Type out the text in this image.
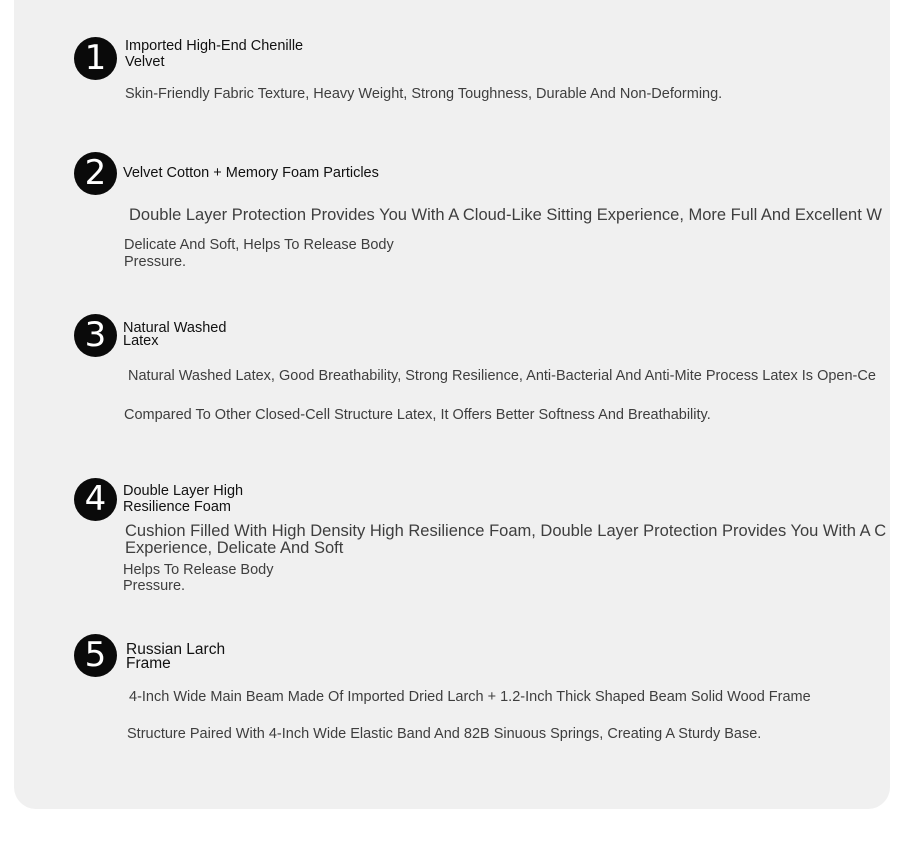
1	Imported High-End Chenille
Velvet
Skin-Friendly Fabric Texture, Heavy Weight, Strong Toughness, Durable And Non-Deforming.
2	Velvet Cotton + Memory Foam Particles
Double Layer Protection Provides You With A Cloud-Like Sitting Experience, More Full And Excellent W
Delicate And Soft, Helps To Release Body
Pressure.
3	Natural Washed
Latex
Natural Washed Latex, Good Breathability, Strong Resilience, Anti-Bacterial And Anti-Mite Process Latex Is Open-Ce
Compared To Other Closed-Cell Structure Latex, It Offers Better Softness And Breathability.
4	Double Layer High
Resilience Foam
Cushion Filled With High Density High Resilience Foam, Double Layer Protection Provides You With A C
Experience, Delicate And Soft
Helps To Release Body
Pressure.
5	Russian Larch
Frame
4-Inch Wide Main Beam Made Of Imported Dried Larch + 1.2-Inch Thick Shaped Beam Solid Wood Frame
Structure Paired With 4-Inch Wide Elastic Band And 82B Sinuous Springs, Creating A Sturdy Base.
